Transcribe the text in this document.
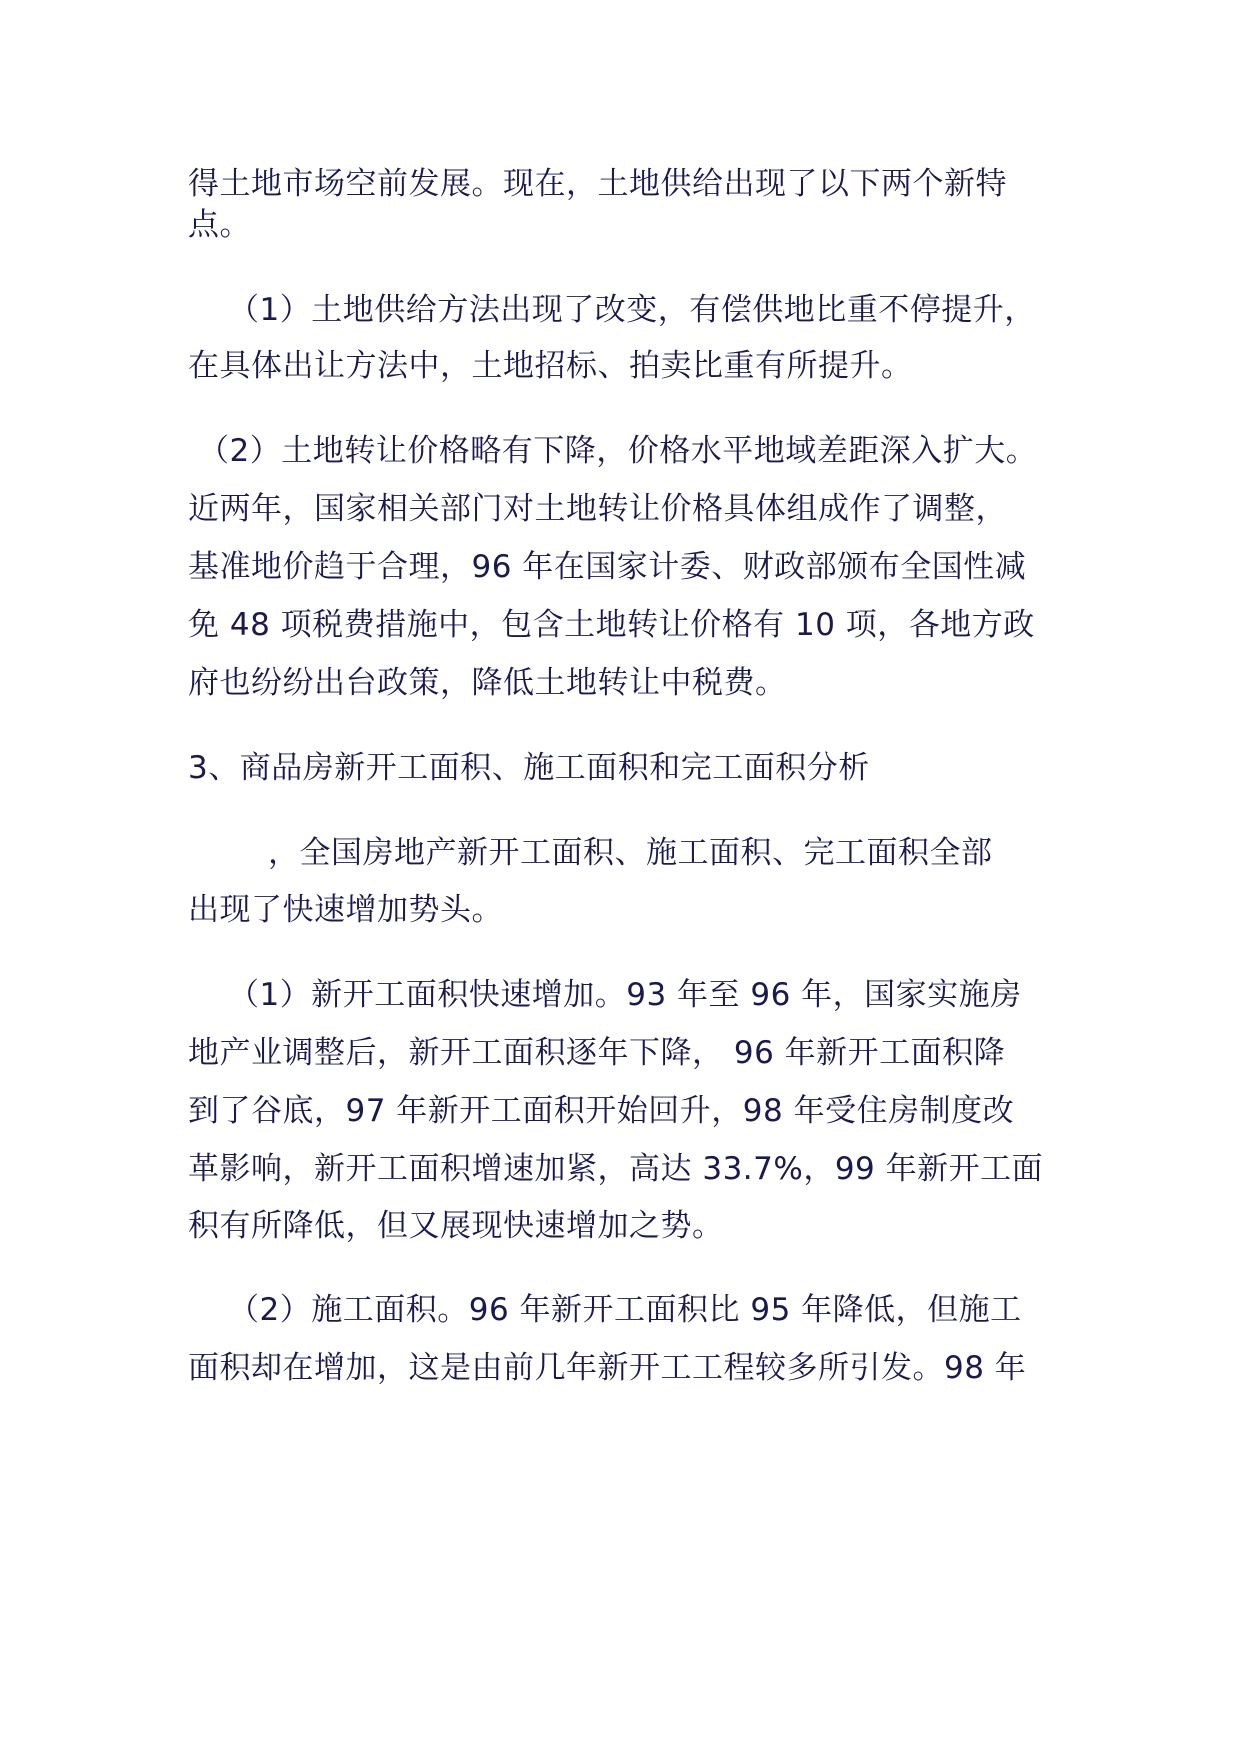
得土地市场空前发展。现在，土地供给出现了以下两个新特
点。
（1）土地供给方法出现了改变，有偿供地比重不停提升，
在具体出让方法中，土地招标、拍卖比重有所提升。
（2）土地转让价格略有下降，价格水平地域差距深入扩大。
近两年，国家相关部门对土地转让价格具体组成作了调整，
基准地价趋于合理，96 年在国家计委、财政部颁布全国性减
免 48 项税费措施中，包含土地转让价格有 10 项，各地方政
府也纷纷出台政策，降低土地转让中税费。
3、商品房新开工面积、施工面积和完工面积分析
，全国房地产新开工面积、施工面积、完工面积全部
出现了快速增加势头。
（1）新开工面积快速增加。93 年至 96 年，国家实施房
地产业调整后，新开工面积逐年下降， 96 年新开工面积降
到了谷底，97 年新开工面积开始回升，98 年受住房制度改
革影响，新开工面积增速加紧，高达 33.7%，99 年新开工面
积有所降低，但又展现快速增加之势。
（2）施工面积。96 年新开工面积比 95 年降低，但施工
面积却在增加，这是由前几年新开工工程较多所引发。98 年
